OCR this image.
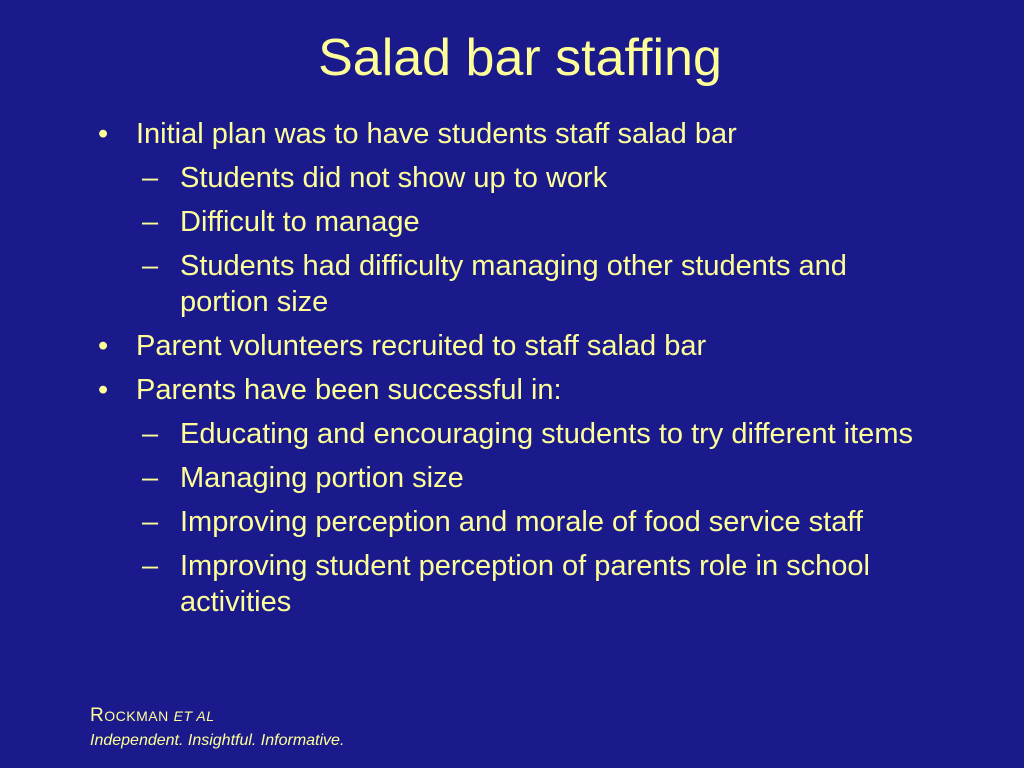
Salad bar staffing
• Initial plan was to have students staff salad bar
– Students did not show up to work
– Difficult to manage
– Students had difficulty managing other students and portion size
• Parent volunteers recruited to staff salad bar
• Parents have been successful in:
– Educating and encouraging students to try different items
– Managing portion size
– Improving perception and morale of food service staff
– Improving student perception of parents role in school activities
ROCKMAN ET AL
Independent. Insightful. Informative.
